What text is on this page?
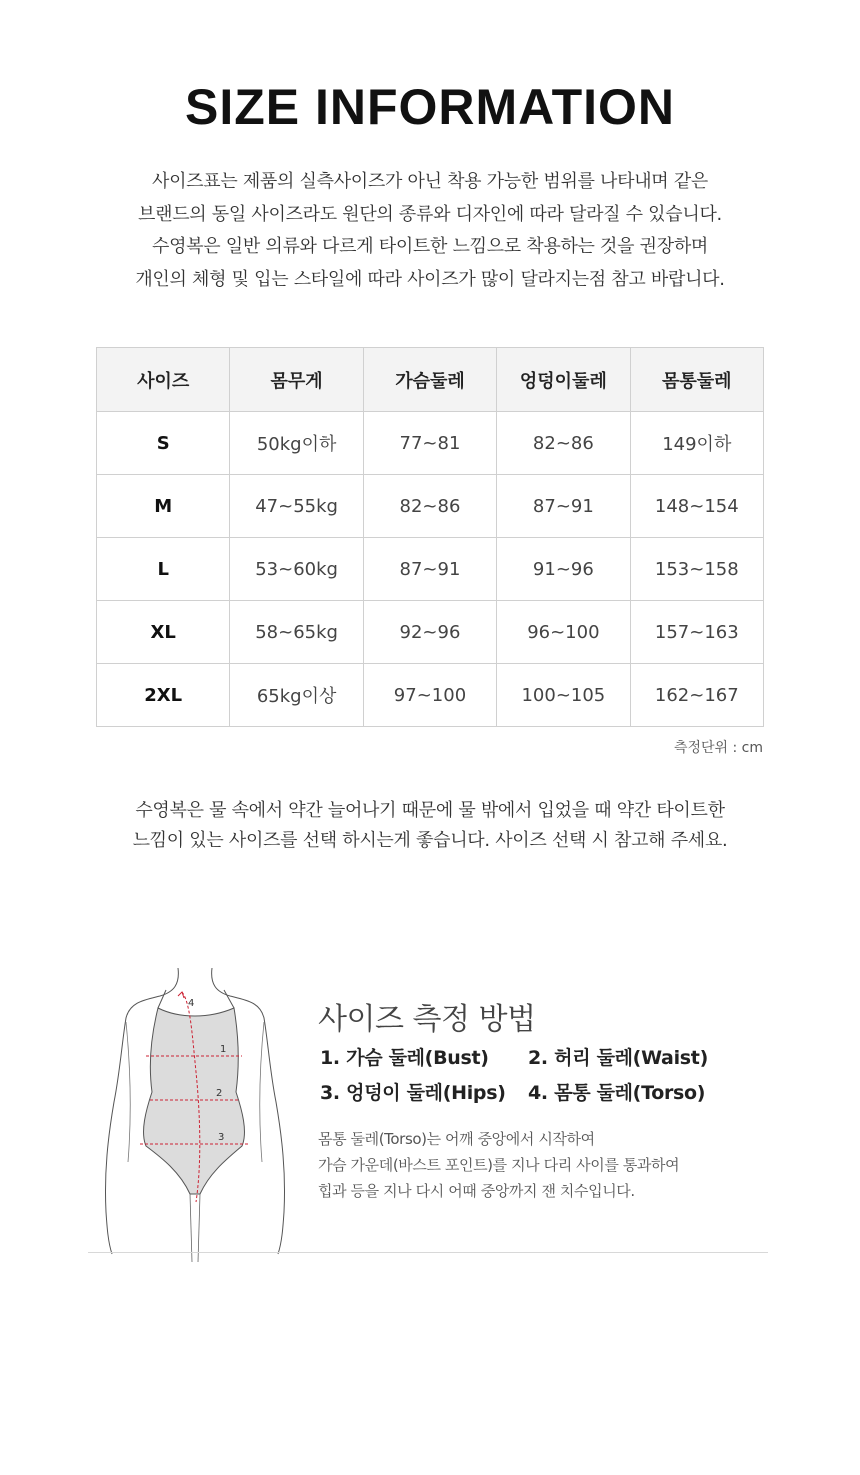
SIZE INFORMATION
사이즈표는 제품의 실측사이즈가 아닌 착용 가능한 범위를 나타내며 같은
브랜드의 동일 사이즈라도 원단의 종류와 디자인에 따라 달라질 수 있습니다.
수영복은 일반 의류와 다르게 타이트한 느낌으로 착용하는 것을 권장하며
개인의 체형 및 입는 스타일에 따라 사이즈가 많이 달라지는점 참고 바랍니다.
사이즈	몸무게	가슴둘레	엉덩이둘레	몸통둘레
S	50kg이하	77~81	82~86	149이하
M	47~55kg	82~86	87~91	148~154
L	53~60kg	87~91	91~96	153~158
XL	58~65kg	92~96	96~100	157~163
2XL	65kg이상	97~100	100~105	162~167
측정단위 : cm
수영복은 물 속에서 약간 늘어나기 때문에 물 밖에서 입었을 때 약간 타이트한
느낌이 있는 사이즈를 선택 하시는게 좋습니다. 사이즈 선택 시 참고해 주세요.
1
2
3
4	사이즈 측정 방법
1. 가슴 둘레(Bust)	2. 허리 둘레(Waist)
3. 엉덩이 둘레(Hips)	4. 몸통 둘레(Torso)
몸통 둘레(Torso)는 어깨 중앙에서 시작하여
가슴 가운데(바스트 포인트)를 지나 다리 사이를 통과하여
힙과 등을 지나 다시 어때 중앙까지 잰 치수입니다.
